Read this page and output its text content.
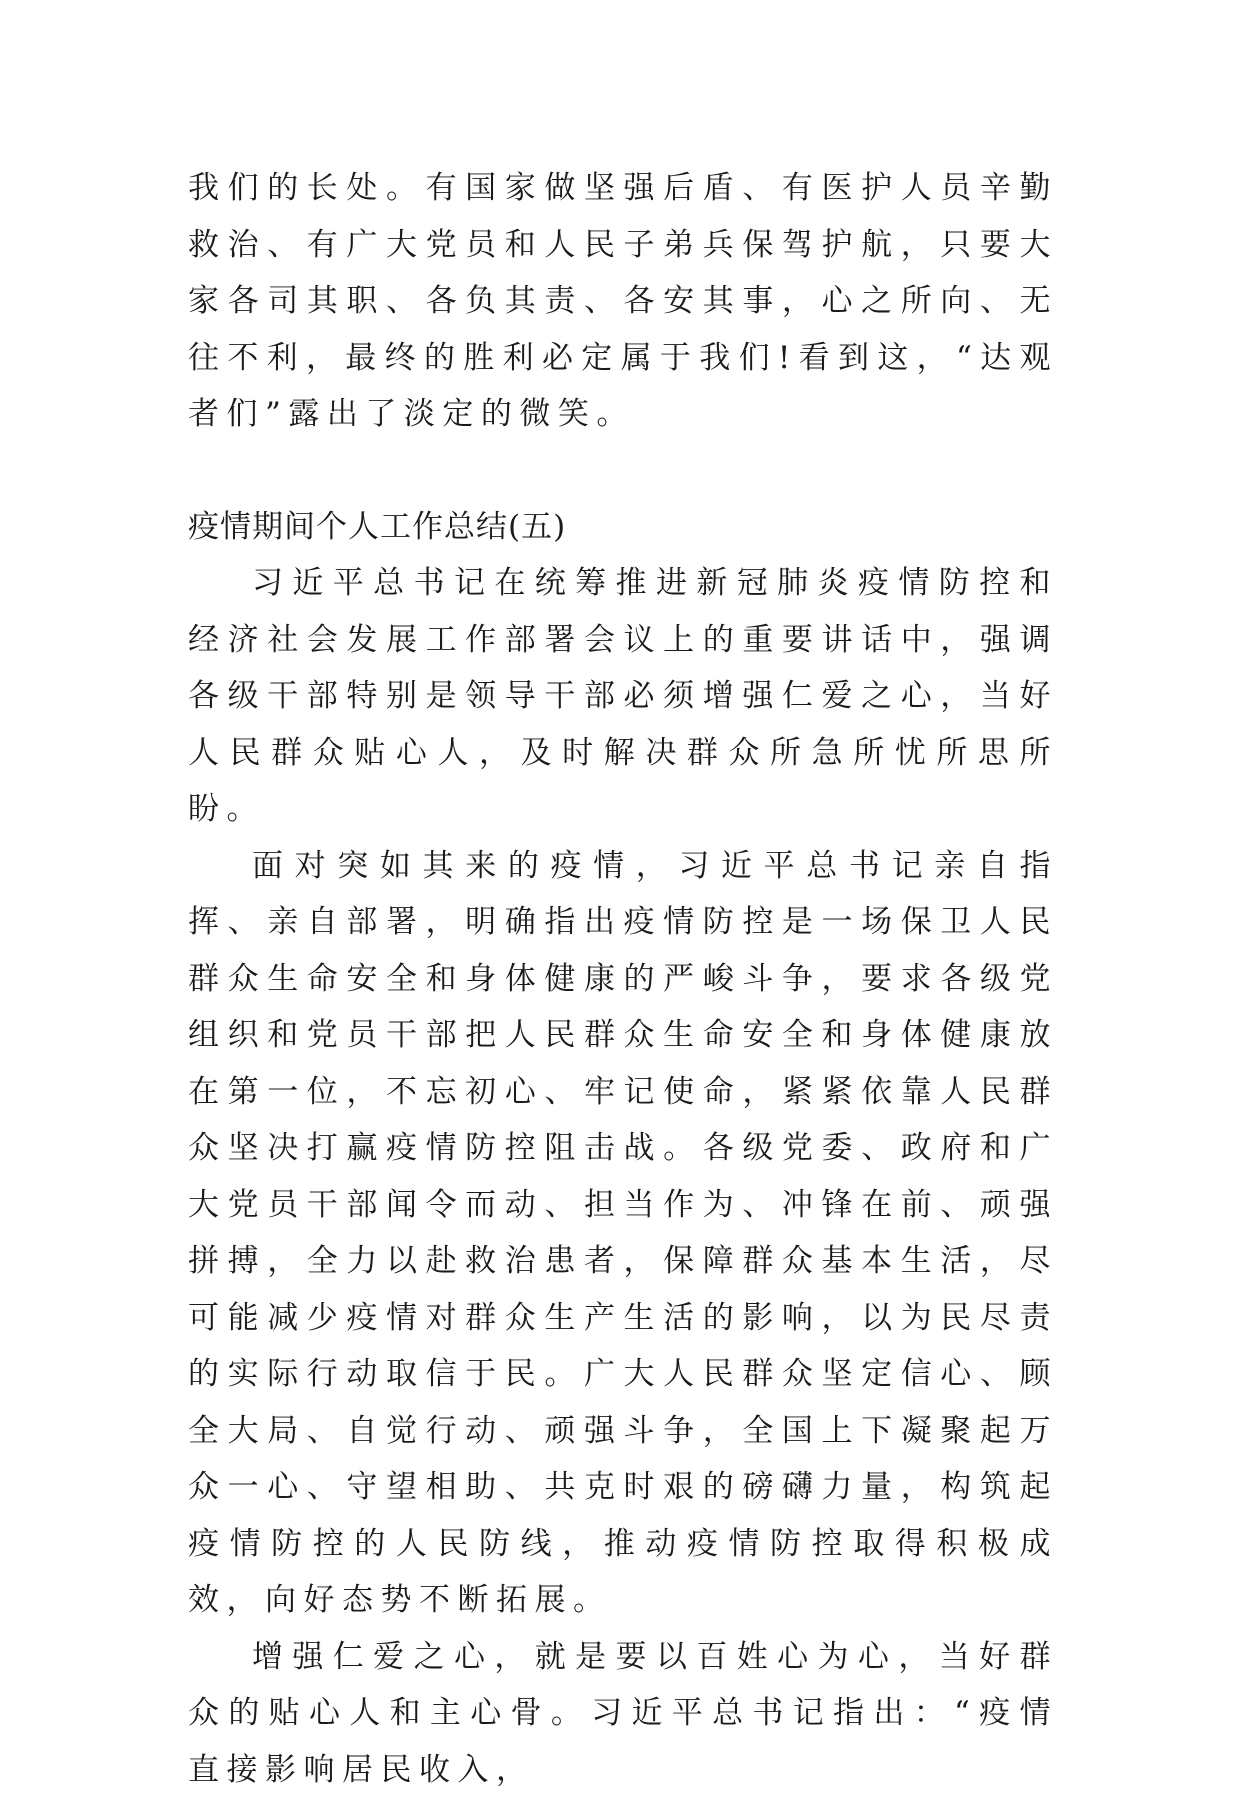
我们的长处。有国家做坚强后盾、有医护人员辛勤救治、有广大党员和人民子弟兵保驾护航，只要大家各司其职、各负其责、各安其事，心之所向、无往不利，最终的胜利必定属于我们!看到这，“达观者们”露出了淡定的微笑。

疫情期间个人工作总结(五)

习近平总书记在统筹推进新冠肺炎疫情防控和经济社会发展工作部署会议上的重要讲话中，强调各级干部特别是领导干部必须增强仁爱之心，当好人民群众贴心人，及时解决群众所急所忧所思所盼。

面对突如其来的疫情，习近平总书记亲自指挥、亲自部署，明确指出疫情防控是一场保卫人民群众生命安全和身体健康的严峻斗争，要求各级党组织和党员干部把人民群众生命安全和身体健康放在第一位，不忘初心、牢记使命，紧紧依靠人民群众坚决打赢疫情防控阻击战。各级党委、政府和广大党员干部闻令而动、担当作为、冲锋在前、顽强拼搏，全力以赴救治患者，保障群众基本生活，尽可能减少疫情对群众生产生活的影响，以为民尽责的实际行动取信于民。广大人民群众坚定信心、顾全大局、自觉行动、顽强斗争，全国上下凝聚起万众一心、守望相助、共克时艰的磅礴力量，构筑起疫情防控的人民防线，推动疫情防控取得积极成效，向好态势不断拓展。

增强仁爱之心，就是要以百姓心为心，当好群众的贴心人和主心骨。习近平总书记指出：“疫情直接影响居民收入，
